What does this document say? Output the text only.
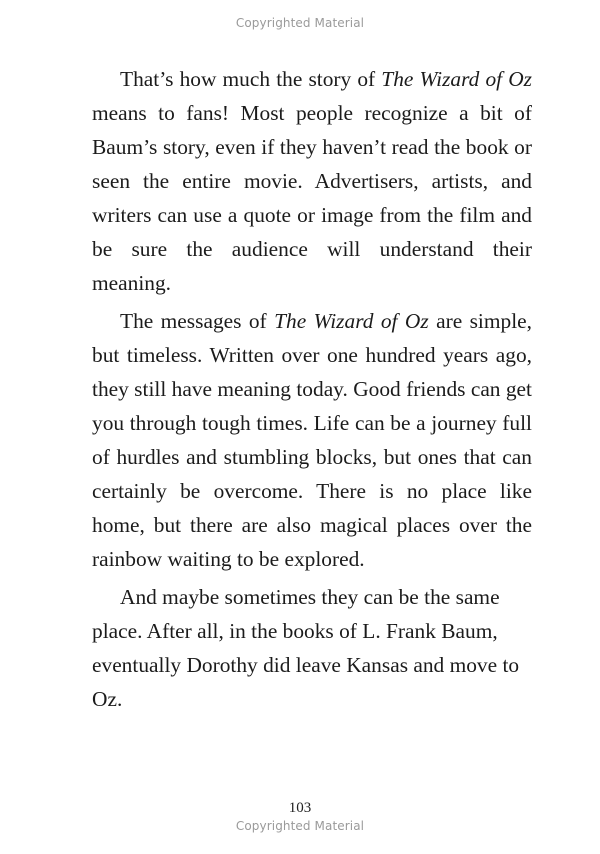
Copyrighted Material

That’s how much the story of The Wizard of Oz means to fans! Most people recognize a bit of Baum’s story, even if they haven’t read the book or seen the entire movie. Advertisers, artists, and writers can use a quote or image from the film and be sure the audience will understand their meaning.

The messages of The Wizard of Oz are simple, but timeless. Written over one hundred years ago, they still have meaning today. Good friends can get you through tough times. Life can be a journey full of hurdles and stumbling blocks, but ones that can certainly be overcome. There is no place like home, but there are also magical places over the rainbow waiting to be explored.

And maybe sometimes they can be the same place. After all, in the books of L. Frank Baum, eventually Dorothy did leave Kansas and move to Oz.

103
Copyrighted Material
